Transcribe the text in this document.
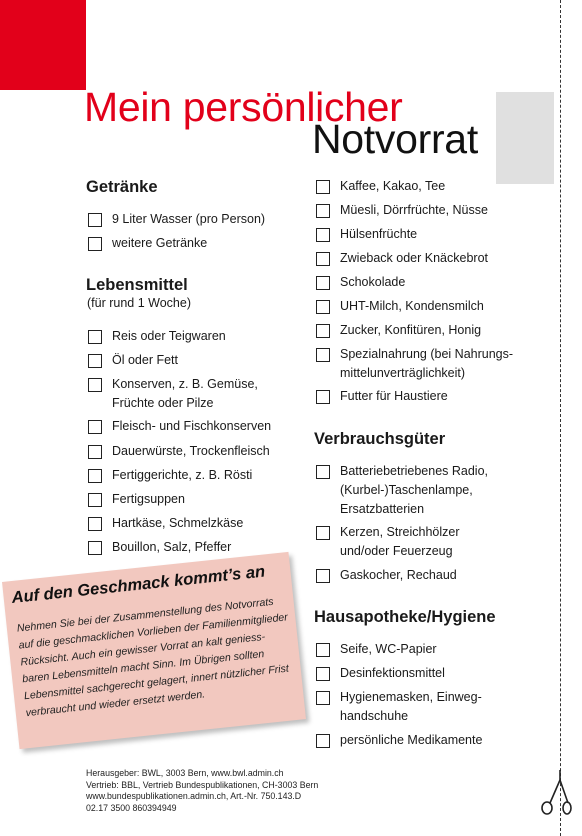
Mein persönlicher
Notvorrat
Getränke
9 Liter Wasser (pro Person)
weitere Getränke
Lebensmittel
(für rund 1 Woche)
Reis oder Teigwaren
Öl oder Fett
Konserven, z. B. Gemüse,
Früchte oder Pilze
Fleisch- und Fischkonserven
Dauerwürste, Trockenfleisch
Fertiggerichte, z. B. Rösti
Fertigsuppen
Hartkäse, Schmelzkäse
Bouillon, Salz, Pfeffer
Kaffee, Kakao, Tee
Müesli, Dörrfrüchte, Nüsse
Hülsenfrüchte
Zwieback oder Knäckebrot
Schokolade
UHT-Milch, Kondensmilch
Zucker, Konfitüren, Honig
Spezialnahrung (bei Nahrungs-
mittelunverträglichkeit)
Futter für Haustiere
Verbrauchsgüter
Batteriebetriebenes Radio,
(Kurbel-)Taschenlampe,
Ersatzbatterien
Kerzen, Streichhölzer
und/oder Feuerzeug
Gaskocher, Rechaud
Hausapotheke/Hygiene
Seife, WC-Papier
Desinfektionsmittel
Hygienemasken, Einweg-
handschuhe
persönliche Medikamente
Auf den Geschmack kommt’s an
Nehmen Sie bei der Zusammenstellung des Notvorrats
auf die geschmacklichen Vorlieben der Familienmitglieder
Rücksicht. Auch ein gewisser Vorrat an kalt geniess-
baren Lebensmitteln macht Sinn. Im Übrigen sollten
Lebensmittel sachgerecht gelagert, innert nützlicher Frist
verbraucht und wieder ersetzt werden.
Herausgeber: BWL, 3003 Bern, www.bwl.admin.ch
Vertrieb: BBL, Vertrieb Bundespublikationen, CH-3003 Bern
www.bundespublikationen.admin.ch, Art.-Nr. 750.143.D
02.17 3500 860394949
